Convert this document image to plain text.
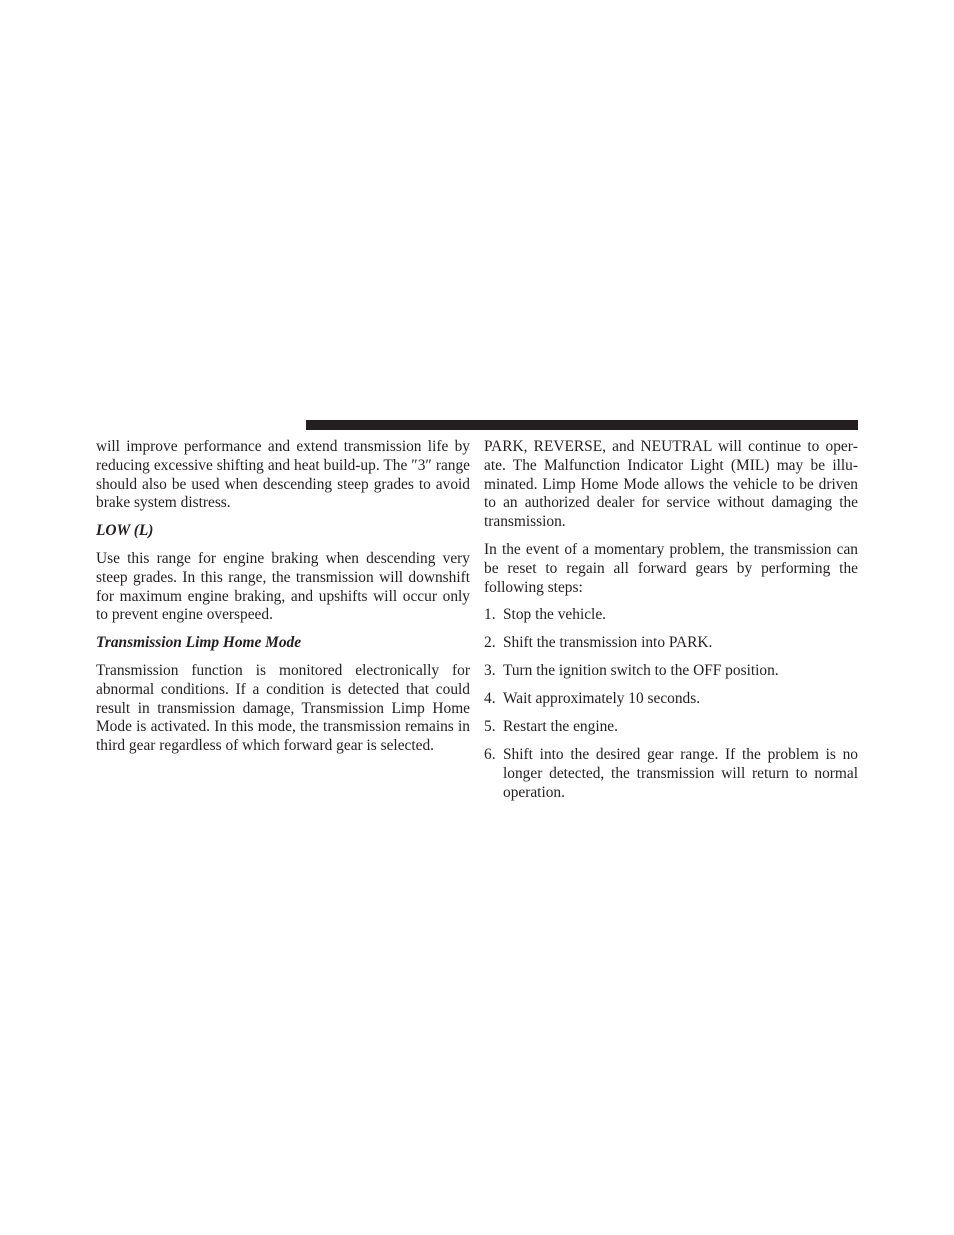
will improve performance and extend transmission life by reducing excessive shifting and heat build-up. The ″3″ range should also be used when descending steep grades to avoid brake system distress.

LOW (L)

Use this range for engine braking when descending very steep grades. In this range, the transmission will downshift for maximum engine braking, and upshifts will occur only to prevent engine overspeed.

Transmission Limp Home Mode

Transmission function is monitored electronically for abnormal conditions. If a condition is detected that could result in transmission damage, Transmission Limp Home Mode is activated. In this mode, the transmission remains in third gear regardless of which forward gear is selected.

PARK, REVERSE, and NEUTRAL will continue to operate. The Malfunction Indicator Light (MIL) may be illuminated. Limp Home Mode allows the vehicle to be driven to an authorized dealer for service without damaging the transmission.

In the event of a momentary problem, the transmission can be reset to regain all forward gears by performing the following steps:

1. Stop the vehicle.
2. Shift the transmission into PARK.
3. Turn the ignition switch to the OFF position.
4. Wait approximately 10 seconds.
5. Restart the engine.
6. Shift into the desired gear range. If the problem is no longer detected, the transmission will return to normal operation.
